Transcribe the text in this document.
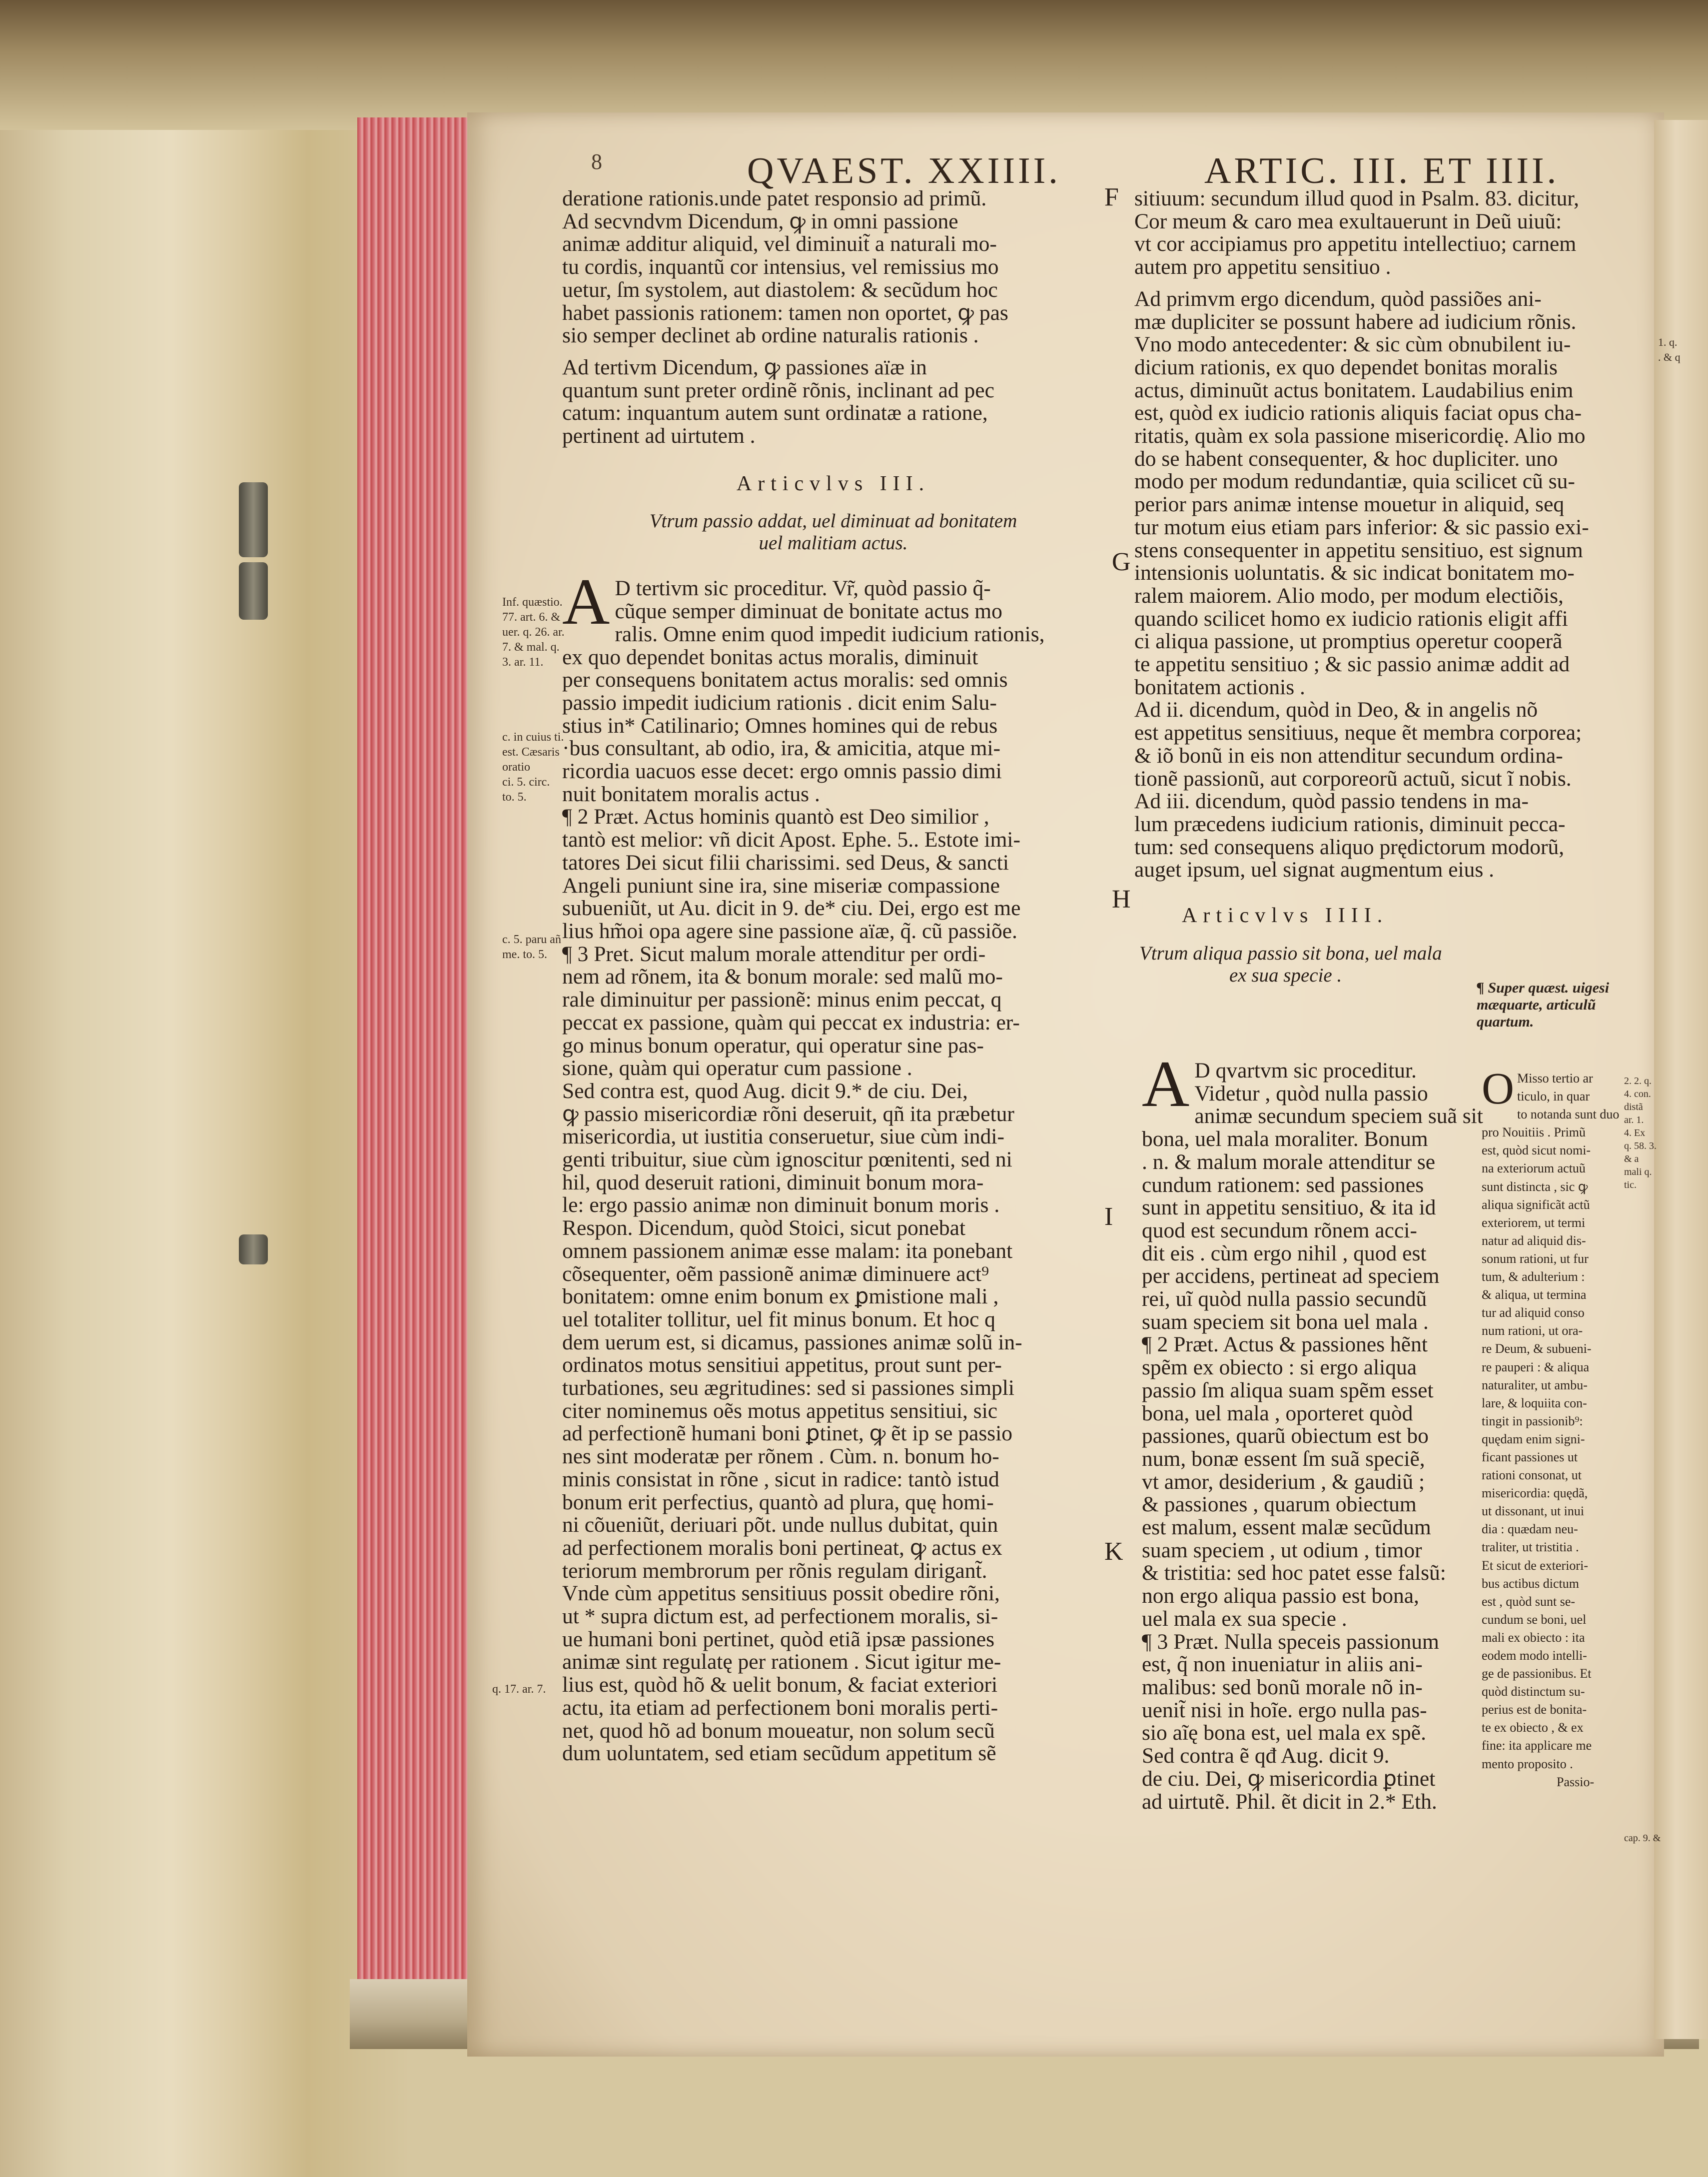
1. q.
. & q
8	QVAEST. XXIIII.	ARTIC. III. ET IIII.
F
G
H
I
K
Inf. quæstio.
77. art. 6. &
uer. q. 26. ar.
7. & mal. q.
3. ar. 11.
c. in cuius ti.
est. Cæsaris
oratio
ci. 5. circ.
to. 5.
c. 5. paru añ
me. to. 5.
q. 17. ar. 7.

deratione rationis.unde patet responsio ad primũ.

Ad secvndvm Dicendum, ꝙ in omni passione

animæ additur aliquid, vel diminuit̃ a naturali mo-

tu cordis, inquantũ cor intensius, vel remissius mo

uetur, ſm systolem, aut diastolem: & secũdum hoc

habet passionis rationem: tamen non oportet, ꝙ pas

sio semper declinet ab ordine naturalis rationis .

Ad tertivm Dicendum, ꝙ passiones aïæ in

quantum sunt preter ordinẽ rõnis, inclinant ad pec

catum: inquantum autem sunt ordinatæ a ratione,

pertinent ad uirtutem .

Articvlvs III.

Vtrum passio addat, uel diminuat ad bonitatem

uel malitiam actus.

A D tertivm sic proceditur. Vr̃, quòd passio q̃-

cũque semper diminuat de bonitate actus mo

ralis. Omne enim quod impedit iudicium rationis,

ex quo dependet bonitas actus moralis, diminuit

per consequens bonitatem actus moralis: sed omnis

passio impedit iudicium rationis . dicit enim Salu-

stius in* Catilinario; Omnes homines qui de rebus

·bus consultant, ab odio, ira, & amicitia, atque mi-

ricordia uacuos esse decet: ergo omnis passio dimi

nuit bonitatem moralis actus .

¶ 2 Præt. Actus hominis quantò est Deo similior ,

tantò est melior: vñ dicit Apost. Ephe. 5.. Estote imi-

tatores Dei sicut filii charissimi. sed Deus, & sancti

Angeli puniunt sine ira, sine miseriæ compassione

subueniũt, ut Au. dicit in 9. de* ciu. Dei, ergo est me

lius hm̃oi opa agere sine passione aïæ, q̃. cũ passiõe.

¶ 3 Pret. Sicut malum morale attenditur per ordi-

nem ad rõnem, ita & bonum morale: sed malũ mo-

rale diminuitur per passionẽ: minus enim peccat, q

peccat ex passione, quàm qui peccat ex industria: er-

go minus bonum operatur, qui operatur sine pas-

sione, quàm qui operatur cum passione .

Sed contra est, quod Aug. dicit 9.* de ciu. Dei,

ꝙ passio misericordiæ rõni deseruit, qñ ita præbetur

misericordia, ut iustitia conseruetur, siue cùm indi-

genti tribuitur, siue cùm ignoscitur pœnitenti, sed ni

hil, quod deseruit rationi, diminuit bonum mora-

le: ergo passio animæ non diminuit bonum moris .

Respon. Dicendum, quòd Stoici, sicut ponebat

omnem passionem animæ esse malam: ita ponebant

cõsequenter, oẽm passionẽ animæ diminuere act⁹

bonitatem: omne enim bonum ex ꝑmistione mali ,

uel totaliter tollitur, uel fit minus bonum. Et hoc q

dem uerum est, si dicamus, passiones animæ solũ in-

ordinatos motus sensitiui appetitus, prout sunt per-

turbationes, seu ægritudines: sed si passiones simpli

citer nominemus oẽs motus appetitus sensitiui, sic

ad perfectionẽ humani boni ꝑtinet, ꝙ ẽt ip se passio

nes sint moderatæ per rõnem . Cùm. n. bonum ho-

minis consistat in rõne , sicut in radice: tantò istud

bonum erit perfectius, quantò ad plura, quę homi-

ni cõueniũt, deriuari põt. unde nullus dubitat, quin

ad perfectionem moralis boni pertineat, ꝙ actus ex

teriorum membrorum per rõnis regulam dirigant̃.

Vnde cùm appetitus sensitiuus possit obedire rõni,

ut * supra dictum est, ad perfectionem moralis, si-

ue humani boni pertinet, quòd etiã ipsæ passiones

animæ sint regulatę per rationem . Sicut igitur me-

lius est, quòd hõ & uelit bonum, & faciat exteriori

actu, ita etiam ad perfectionem boni moralis perti-

net, quod hõ ad bonum moueatur, non solum secũ

dum uoluntatem, sed etiam secũdum appetitum sẽ

sitiuum: secundum illud quod in Psalm. 83. dicitur,

Cor meum & caro mea exultauerunt in Deũ uiuũ:

vt cor accipiamus pro appetitu intellectiuo; carnem

autem pro appetitu sensitiuo .

Ad primvm ergo dicendum, quòd passiões ani-

mæ dupliciter se possunt habere ad iudicium rõnis.

Vno modo antecedenter: & sic cùm obnubilent iu-

dicium rationis, ex quo dependet bonitas moralis

actus, diminuũt actus bonitatem. Laudabilius enim

est, quòd ex iudicio rationis aliquis faciat opus cha-

ritatis, quàm ex sola passione misericordię. Alio mo

do se habent consequenter, & hoc dupliciter. uno

modo per modum redundantiæ, quia scilicet cũ su-

perior pars animæ intense mouetur in aliquid, seq

tur motum eius etiam pars inferior: & sic passio exi-

stens consequenter in appetitu sensitiuo, est signum

intensionis uoluntatis. & sic indicat bonitatem mo-

ralem maiorem. Alio modo, per modum electiõis,

quando scilicet homo ex iudicio rationis eligit affi

ci aliqua passione, ut promptius operetur cooperã

te appetitu sensitiuo ; & sic passio animæ addit ad

bonitatem actionis .

Ad ii. dicendum, quòd in Deo, & in angelis nõ

est appetitus sensitiuus, neque ẽt membra corporea;

& iõ bonũ in eis non attenditur secundum ordina-

tionẽ passionũ, aut corporeorũ actuũ, sicut ĩ nobis.

Ad iii. dicendum, quòd passio tendens in ma-

lum præcedens iudicium rationis, diminuit pecca-

tum: sed consequens aliquo prędictorum modorũ,

auget ipsum, uel signat augmentum eius .

Articvlvs IIII.

Vtrum aliqua passio sit bona, uel mala

ex sua specie .

¶ Super quæst. uigesi
mæquarte, articulũ
quartum.
A D qvartvm sic proceditur.

Videtur , quòd nulla passio

animæ secundum speciem suã sit

bona, uel mala moraliter. Bonum

. n. & malum morale attenditur se

cundum rationem: sed passiones

sunt in appetitu sensitiuo, & ita id

quod est secundum rõnem acci-

dit eis . cùm ergo nihil , quod est

per accidens, pertineat ad speciem

rei, uĩ quòd nulla passio secundũ

suam speciem sit bona uel mala .

¶ 2 Præt. Actus & passiones hẽnt

spẽm ex obiecto : si ergo aliqua

passio ſm aliqua suam spẽm esset

bona, uel mala , oporteret quòd

passiones, quarũ obiectum est bo

num, bonæ essent ſm suã speciẽ,

vt amor, desiderium , & gaudiũ ;

& passiones , quarum obiectum

est malum, essent malæ secũdum

suam speciem , ut odium , timor

& tristitia: sed hoc patet esse falsũ:

non ergo aliqua passio est bona,

uel mala ex sua specie .

¶ 3 Præt. Nulla speceis passionum

est, q̃ non inueniatur in aliis ani-

malibus: sed bonũ morale nõ in-

uenit̃ nisi in hoĩe. ergo nulla pas-

sio aĩę bona est, uel mala ex spẽ.

Sed contra ẽ qđ Aug. dicit 9.

de ciu. Dei, ꝙ misericordia ꝑtinet

ad uirtutẽ. Phil. ẽt dicit in 2.* Eth.

O Misso tertio ar
ticulo, in quar
to notanda sunt duo
pro Nouitiis . Primũ
est, quòd sicut nomi-
na exteriorum actuũ
sunt distincta , sic ꝙ
aliqua significãt actũ
exteriorem, ut termi
natur ad aliquid dis-
sonum rationi, ut fur
tum, & adulterium :
& aliqua, ut termina
tur ad aliquid conso
num rationi, ut ora-
re Deum, & subueni-
re pauperi : & aliqua
naturaliter, ut ambu-
lare, & loquiita con-
tingit in passionib⁹:
quędam enim signi-
ficant passiones ut
rationi consonat, ut
misericordia: quędã,
ut dissonant, ut inui
dia : quædam neu-
traliter, ut tristitia .
Et sicut de exteriori-
bus actibus dictum
est , quòd sunt se-
cundum se boni, uel
mali ex obiecto : ita
eodem modo intelli-
ge de passionibus. Et
quòd distinctum su-
perius est de bonita-
te ex obiecto , & ex
fine: ita applicare me
mento proposito .
Passio-
2. 2. q.
4. con.
distã
ar. 1.
4. Ex
q. 58. 3.
& a
mali q.
tic.
cap. 9. &
